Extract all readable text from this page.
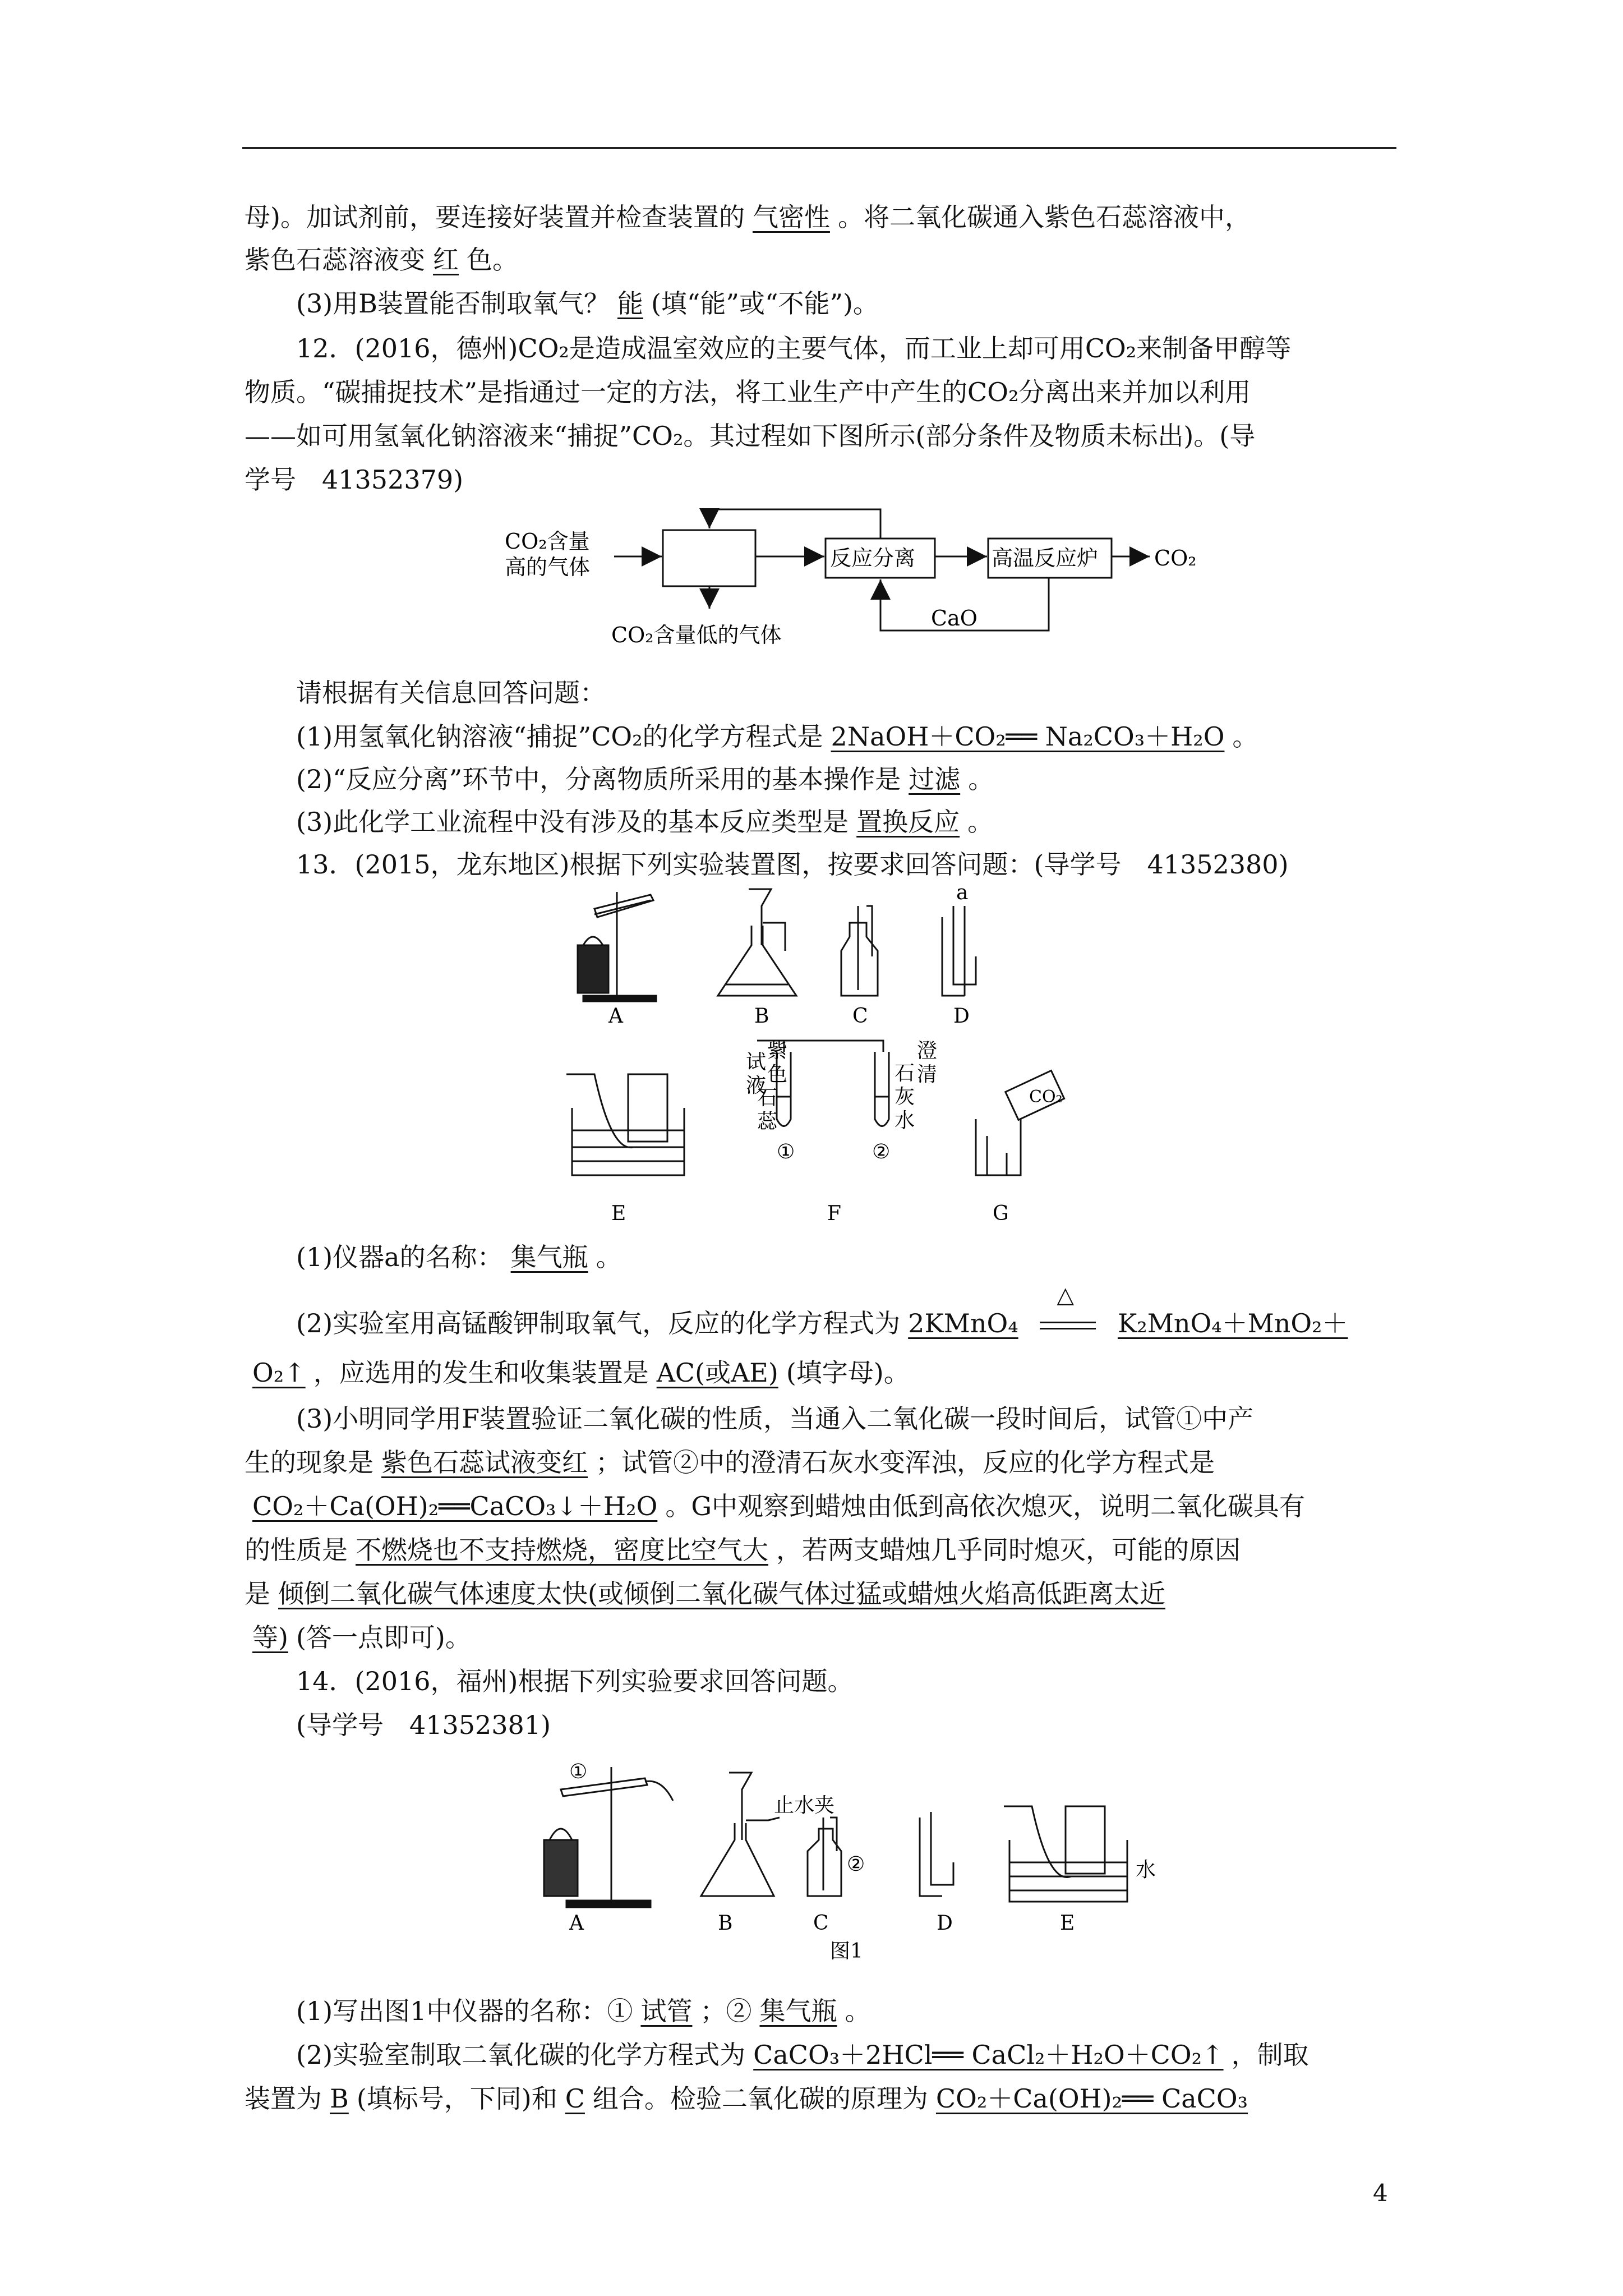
母)。加试剂前，要连接好装置并检查装置的 气密性 。将二氧化碳通入紫色石蕊溶液中，
紫色石蕊溶液变 红 色。
(3)用B装置能否制取氧气？ 能 (填“能”或“不能”)。
12．(2016，德州)CO₂是造成温室效应的主要气体，而工业上却可用CO₂来制备甲醇等
物质。“碳捕捉技术”是指通过一定的方法，将工业生产中产生的CO₂分离出来并加以利用
——如可用氢氧化钠溶液来“捕捉”CO₂。其过程如下图所示(部分条件及物质未标出)。(导
学号　41352379)
CO₂含量
高的气体	反应分离	高温反应炉	CO₂
CaO
CO₂含量低的气体
请根据有关信息回答问题：
(1)用氢氧化钠溶液“捕捉”CO₂的化学方程式是 2NaOH＋CO₂══ Na₂CO₃＋H₂O 。
(2)“反应分离”环节中，分离物质所采用的基本操作是 过滤 。
(3)此化学工业流程中没有涉及的基本反应类型是 置换反应 。
13．(2015，龙东地区)根据下列实验装置图，按要求回答问题：(导学号　41352380)
A	B	C	D
a
E	F	G
试
液
紫
色
石
蕊
石
灰
水
澄
清
①	②
CO₂
(1)仪器a的名称： 集气瓶 。
(2)实验室用高锰酸钾制取氧气，反应的化学方程式为 2KMnO₄
△
K₂MnO₄＋MnO₂＋
O₂↑ ，应选用的发生和收集装置是 AC(或AE) (填字母)。
(3)小明同学用F装置验证二氧化碳的性质，当通入二氧化碳一段时间后，试管①中产
生的现象是 紫色石蕊试液变红 ；试管②中的澄清石灰水变浑浊，反应的化学方程式是
CO₂＋Ca(OH)₂══CaCO₃↓＋H₂O 。G中观察到蜡烛由低到高依次熄灭，说明二氧化碳具有
的性质是 不燃烧也不支持燃烧，密度比空气大 ，若两支蜡烛几乎同时熄灭，可能的原因
是 倾倒二氧化碳气体速度太快(或倾倒二氧化碳气体过猛或蜡烛火焰高低距离太近
等) (答一点即可)。
14．(2016，福州)根据下列实验要求回答问题。
(导学号　41352381)
A	B	C	D	E
①
②
止水夹
水
图1
(1)写出图1中仪器的名称：① 试管 ；② 集气瓶 。
(2)实验室制取二氧化碳的化学方程式为 CaCO₃＋2HCl══ CaCl₂＋H₂O＋CO₂↑ ，制取
装置为 B (填标号，下同)和 C 组合。检验二氧化碳的原理为 CO₂＋Ca(OH)₂══ CaCO₃
4
